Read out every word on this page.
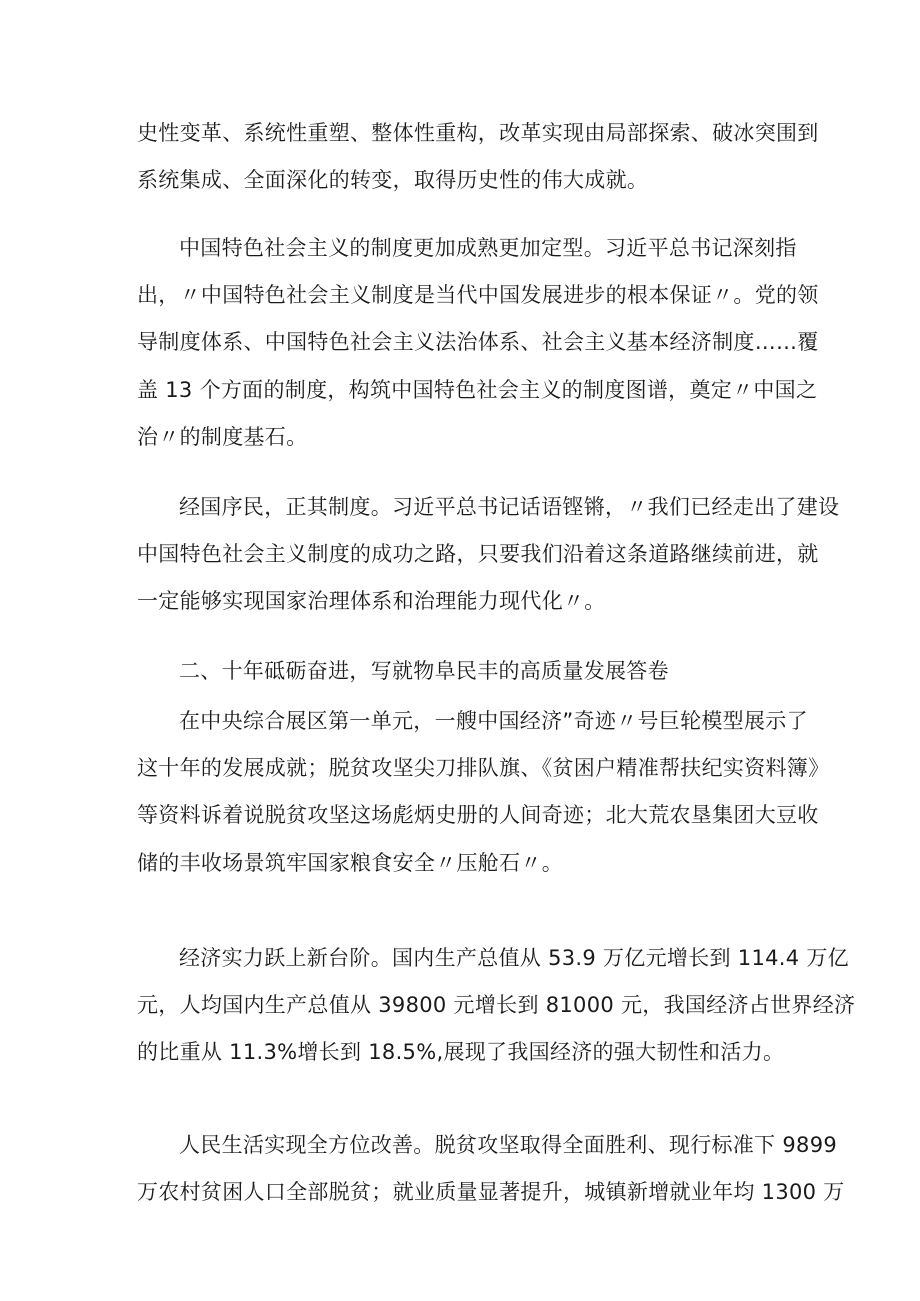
史性变革、系统性重塑、整体性重构，改革实现由局部探索、破冰突围到
系统集成、全面深化的转变，取得历史性的伟大成就。
中国特色社会主义的制度更加成熟更加定型。习近平总书记深刻指
出，〃中国特色社会主义制度是当代中国发展进步的根本保证〃。党的领
导制度体系、中国特色社会主义法治体系、社会主义基本经济制度……覆
盖 13 个方面的制度，构筑中国特色社会主义的制度图谱，奠定〃中国之
治〃的制度基石。
经国序民，正其制度。习近平总书记话语铿锵，〃我们已经走出了建设
中国特色社会主义制度的成功之路，只要我们沿着这条道路继续前进，就
一定能够实现国家治理体系和治理能力现代化〃。
二、十年砥砺奋进，写就物阜民丰的高质量发展答卷
在中央综合展区第一单元，一艘中国经济”奇迹〃号巨轮模型展示了
这十年的发展成就；脱贫攻坚尖刀排队旗、《贫困户精准帮扶纪实资料簿》
等资料诉着说脱贫攻坚这场彪炳史册的人间奇迹；北大荒农垦集团大豆收
储的丰收场景筑牢国家粮食安全〃压舱石〃。
经济实力跃上新台阶。国内生产总值从 53.9 万亿元增长到 114.4 万亿
元，人均国内生产总值从 39800 元增长到 81000 元，我国经济占世界经济
的比重从 11.3%增长到 18.5%,展现了我国经济的强大韧性和活力。
人民生活实现全方位改善。脱贫攻坚取得全面胜利、现行标准下 9899
万农村贫困人口全部脱贫；就业质量显著提升，城镇新增就业年均 1300 万
